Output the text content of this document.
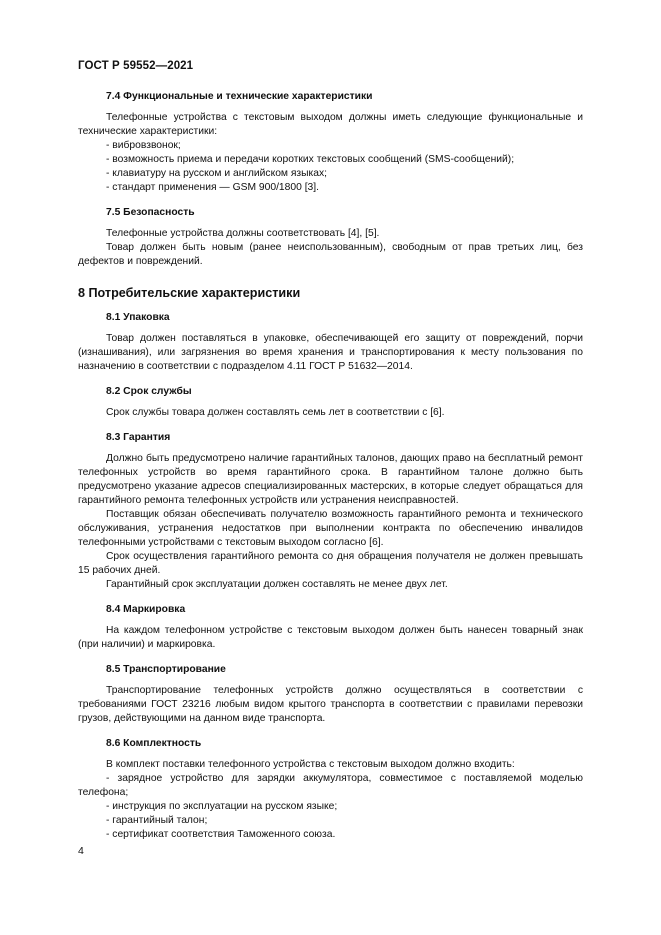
ГОСТ Р 59552—2021

7.4 Функциональные и технические характеристики

Телефонные устройства с текстовым выходом должны иметь следующие функциональные и технические характеристики:

- вибровзвонок;

- возможность приема и передачи коротких текстовых сообщений (SMS-сообщений);

- клавиатуру на русском и английском языках;

- стандарт применения — GSM 900/1800 [3].

7.5 Безопасность

Телефонные устройства должны соответствовать [4], [5].

Товар должен быть новым (ранее неиспользованным), свободным от прав третьих лиц, без дефектов и повреждений.

8 Потребительские характеристики

8.1 Упаковка

Товар должен поставляться в упаковке, обеспечивающей его защиту от повреждений, порчи (изнашивания), или загрязнения во время хранения и транспортирования к месту пользования по назначению в соответствии с подразделом 4.11 ГОСТ Р 51632—2014.

8.2 Срок службы

Срок службы товара должен составлять семь лет в соответствии с [6].

8.3 Гарантия

Должно быть предусмотрено наличие гарантийных талонов, дающих право на бесплатный ремонт телефонных устройств во время гарантийного срока. В гарантийном талоне должно быть предусмотрено указание адресов специализированных мастерских, в которые следует обращаться для гарантийного ремонта телефонных устройств или устранения неисправностей.

Поставщик обязан обеспечивать получателю возможность гарантийного ремонта и технического обслуживания, устранения недостатков при выполнении контракта по обеспечению инвалидов телефонными устройствами с текстовым выходом согласно [6].

Срок осуществления гарантийного ремонта со дня обращения получателя не должен превышать 15 рабочих дней.

Гарантийный срок эксплуатации должен составлять не менее двух лет.

8.4 Маркировка

На каждом телефонном устройстве с текстовым выходом должен быть нанесен товарный знак (при наличии) и маркировка.

8.5 Транспортирование

Транспортирование телефонных устройств должно осуществляться в соответствии с требованиями ГОСТ 23216 любым видом крытого транспорта в соответствии с правилами перевозки грузов, действующими на данном виде транспорта.

8.6 Комплектность

В комплект поставки телефонного устройства с текстовым выходом должно входить:

- зарядное устройство для зарядки аккумулятора, совместимое с поставляемой моделью телефона;

- инструкция по эксплуатации на русском языке;

- гарантийный талон;

- сертификат соответствия Таможенного союза.

4
